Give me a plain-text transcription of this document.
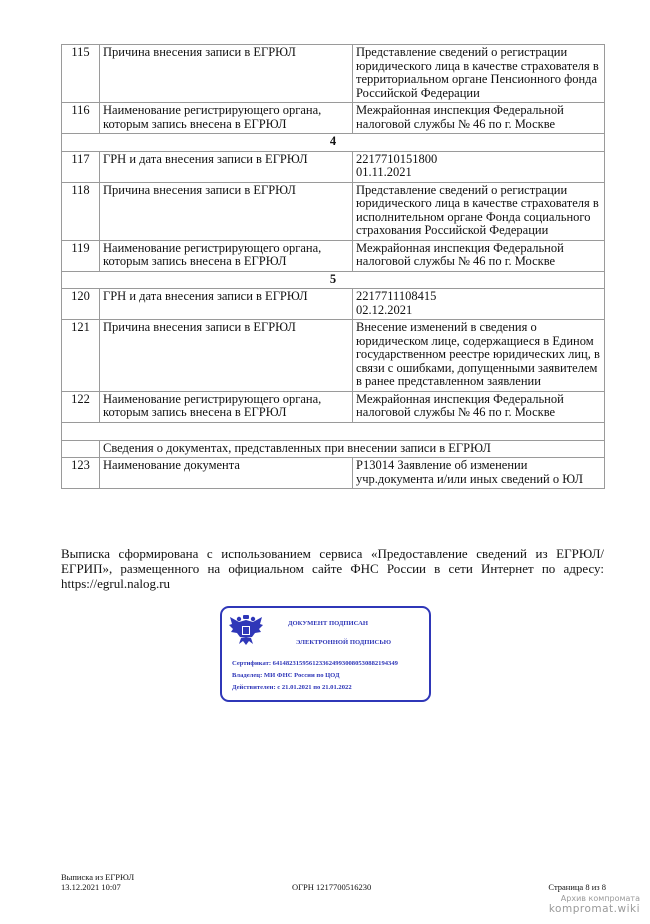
115	Причина внесения записи в ЕГРЮЛ	Представление сведений о регистрации юридического лица в качестве страхователя в территориальном органе Пенсионного фонда Российской Федерации

116	Наименование регистрирующего органа, которым запись внесена в ЕГРЮЛ	Межрайонная инспекция Федеральной налоговой службы № 46 по г. Москве

4		
117	ГРН и дата внесения записи в ЕГРЮЛ	2217710151800
01.11.2021

118	Причина внесения записи в ЕГРЮЛ	Представление сведений о регистрации юридического лица в качестве страхователя в исполнительном органе Фонда социального страхования Российской Федерации

119	Наименование регистрирующего органа, которым запись внесена в ЕГРЮЛ	Межрайонная инспекция Федеральной налоговой службы № 46 по г. Москве

5		
120	ГРН и дата внесения записи в ЕГРЮЛ	2217711108415
02.12.2021

121	Причина внесения записи в ЕГРЮЛ	Внесение изменений в сведения о юридическом лице, содержащиеся в Едином государственном реестре юридических лиц, в связи с ошибками, допущенными заявителем в ранее представленном заявлении

122	Наименование регистрирующего органа, которым запись внесена в ЕГРЮЛ	Межрайонная инспекция Федеральной налоговой службы № 46 по г. Москве

	Сведения о документах, представленных при внесении записи в ЕГРЮЛ	
123	Наименование документа	Р13014 Заявление об изменении учр.документа и/или иных сведений о ЮЛ
Выписка сформирована с использованием сервиса «Предоставление сведений из ЕГРЮЛ/ЕГРИП», размещенного на официальном сайте ФНС России в сети Интернет по адресу: https://egrul.nalog.ru
ДОКУМЕНТ ПОДПИСАН
ЭЛЕКТРОННОЙ ПОДПИСЬЮ
Сертификат: 641482315956123362499300805308821943​49
Владелец: МИ ФНС России по ЦОД
Действителен: с 21.01.2021 по 21.01.2022
Выписка из ЕГРЮЛ
13.12.2021 10:07	ОГРН 1217700516230	Страница 8 из 8
Архив компромата
kompromat.wiki
